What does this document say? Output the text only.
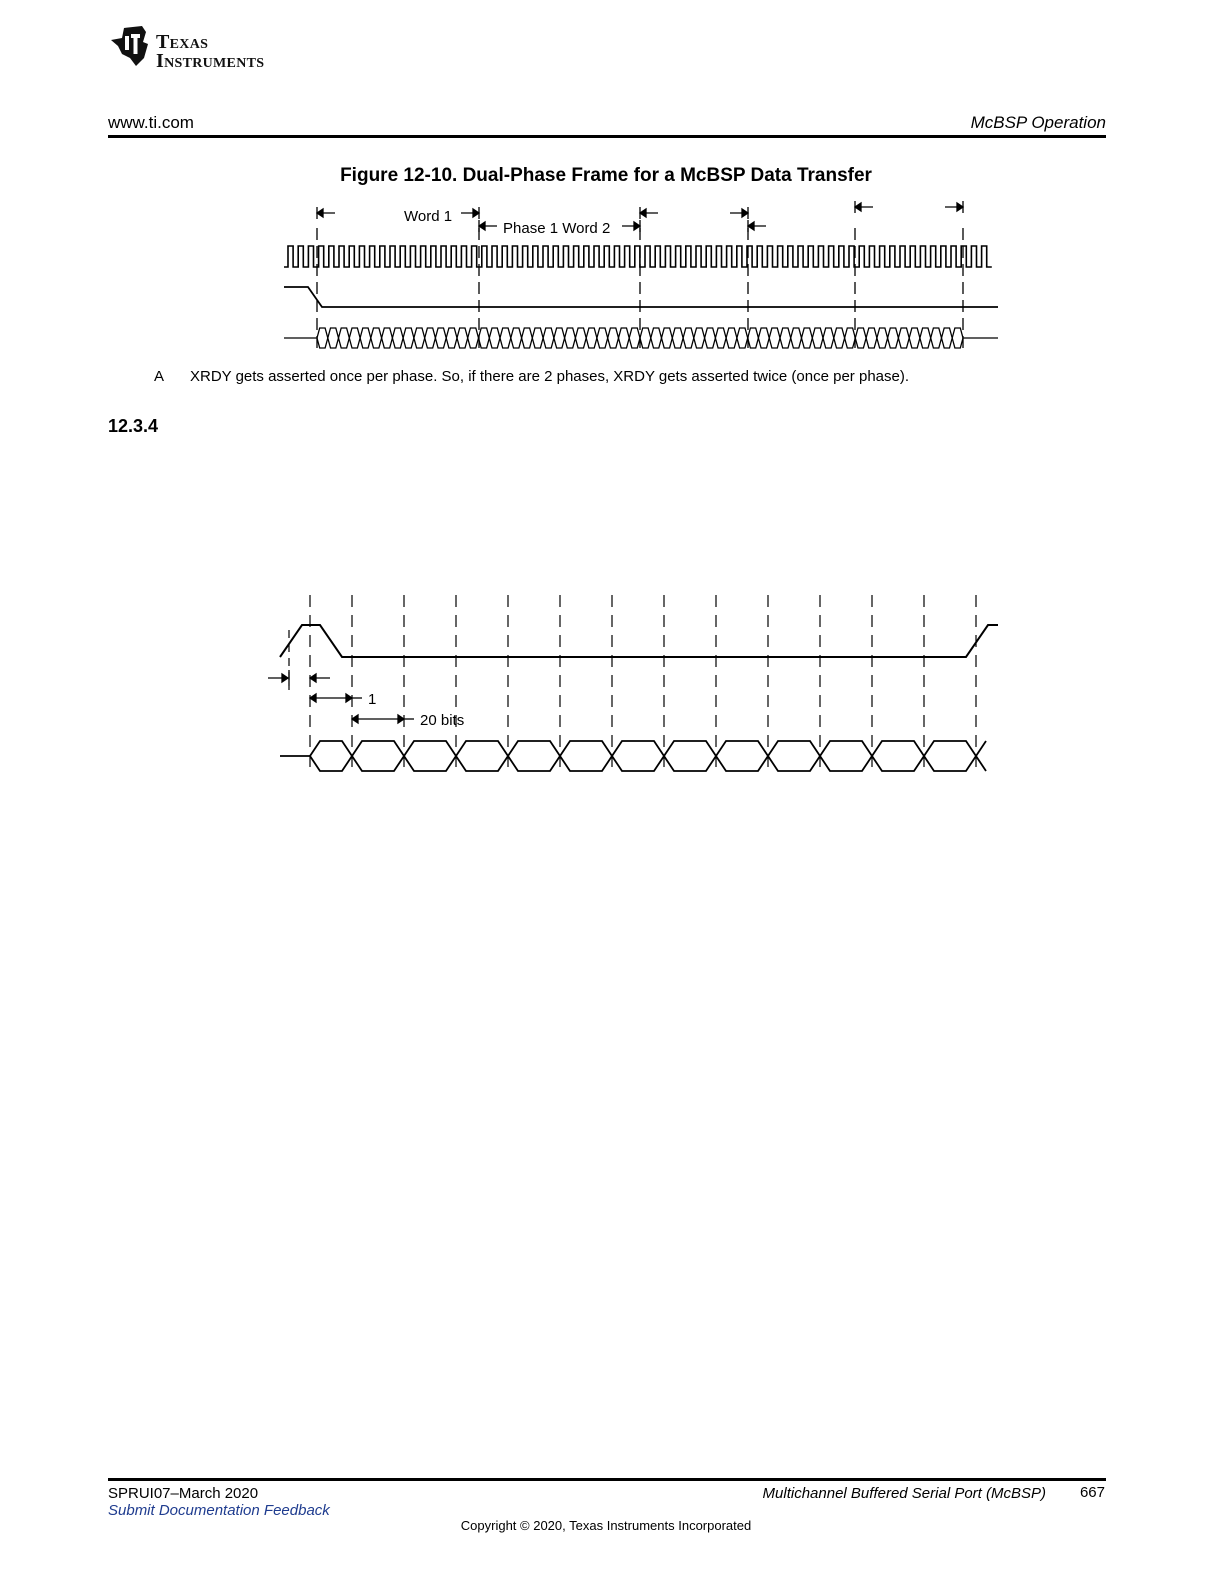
Texas
Instruments
www.ti.com	McBSP Operation
Figure 12-10. Dual-Phase Frame for a McBSP Data Transfer
Word 1
Phase 1 Word 2
A XRDY gets asserted once per phase. So, if there are 2 phases, XRDY gets asserted twice (once per phase).
12.3.4
1
20 bits
SPRUI07–March 2020
Submit Documentation Feedback
Multichannel Buffered Serial Port (McBSP) 667
Copyright © 2020, Texas Instruments Incorporated
